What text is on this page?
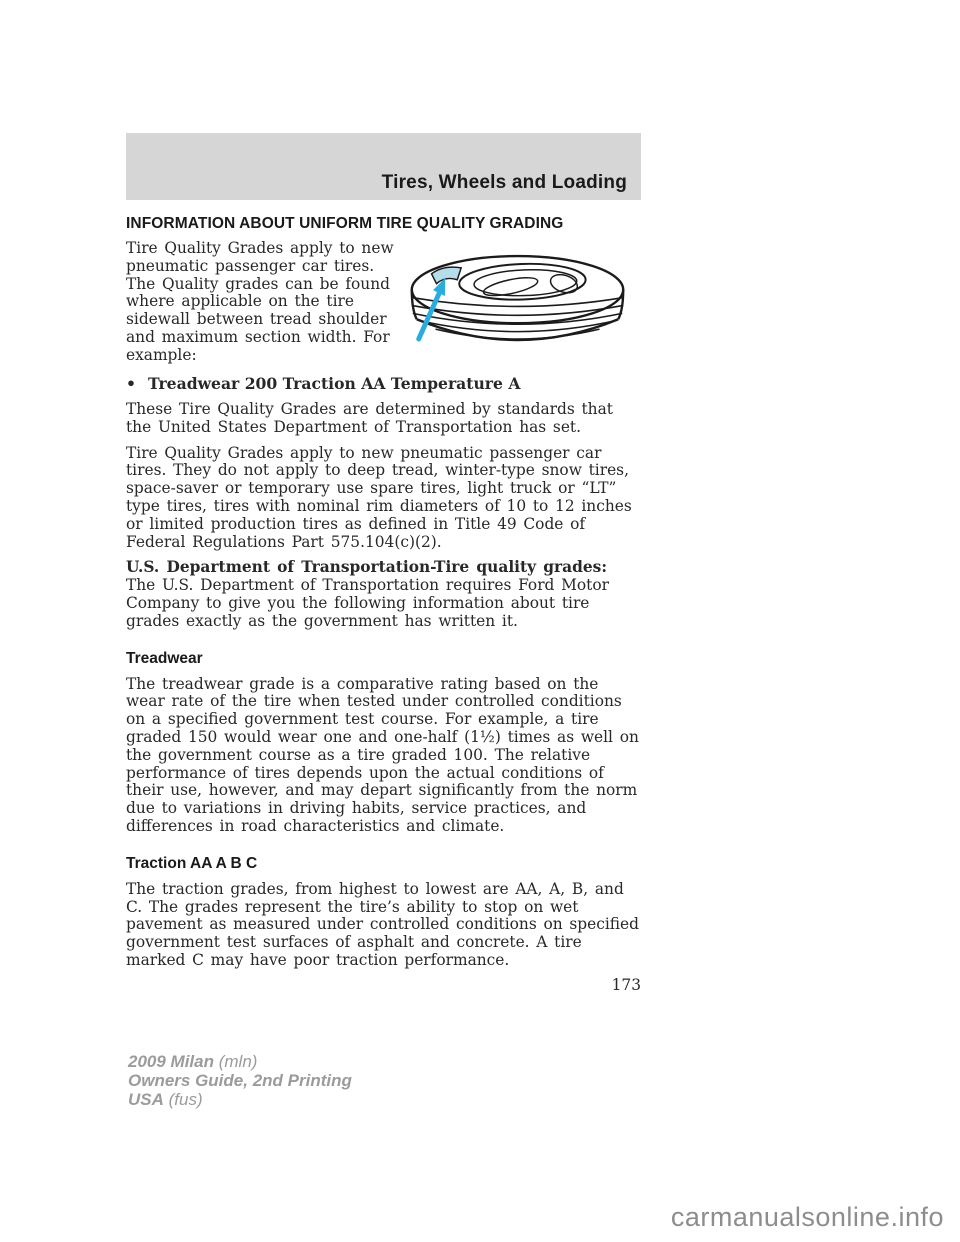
Tires, Wheels and Loading
INFORMATION ABOUT UNIFORM TIRE QUALITY GRADING
Tire Quality Grades apply to new pneumatic passenger car tires. The Quality grades can be found where applicable on the tire sidewall between tread shoulder and maximum section width. For example:
• Treadwear 200 Traction AA Temperature A

These Tire Quality Grades are determined by standards that the United States Department of Transportation has set.

Tire Quality Grades apply to new pneumatic passenger car tires. They do not apply to deep tread, winter-type snow tires, space-saver or temporary use spare tires, light truck or “LT” type tires, tires with nominal rim diameters of 10 to 12 inches or limited production tires as defined in Title 49 Code of Federal Regulations Part 575.104(c)(2).

U.S. Department of Transportation-Tire quality grades: The U.S. Department of Transportation requires Ford Motor Company to give you the following information about tire grades exactly as the government has written it.

Treadwear

The treadwear grade is a comparative rating based on the wear rate of the tire when tested under controlled conditions on a specified government test course. For example, a tire graded 150 would wear one and one-half (1½) times as well on the government course as a tire graded 100. The relative performance of tires depends upon the actual conditions of their use, however, and may depart significantly from the norm due to variations in driving habits, service practices, and differences in road characteristics and climate.

Traction AA A B C

The traction grades, from highest to lowest are AA, A, B, and C. The grades represent the tire’s ability to stop on wet pavement as measured under controlled conditions on specified government test surfaces of asphalt and concrete. A tire marked C may have poor traction performance.

173
2009 Milan (mln)
Owners Guide, 2nd Printing
USA (fus)
carmanualsonline.info
